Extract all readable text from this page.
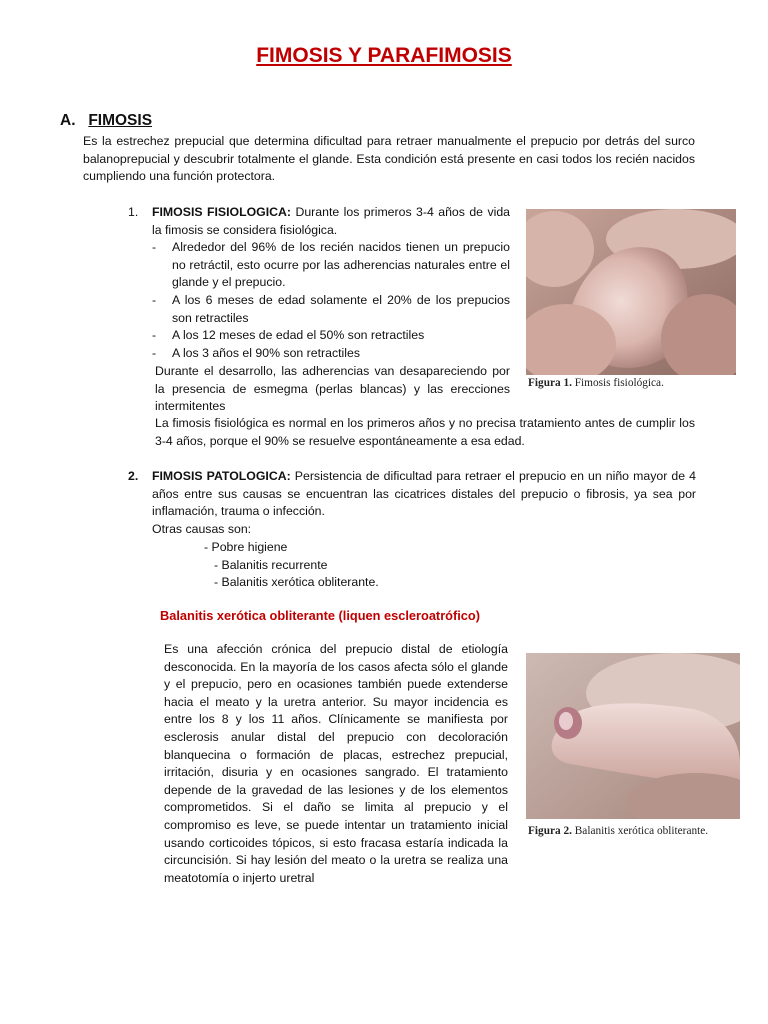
FIMOSIS Y PARAFIMOSIS
A. FIMOSIS
Es la estrechez prepucial que determina dificultad para retraer manualmente el prepucio por detrás del surco balanoprepucial y descubrir totalmente el glande. Esta condición está presente en casi todos los recién nacidos cumpliendo una función protectora.
1.	FIMOSIS FISIOLOGICA: Durante los primeros 3-4 años de vida la fimosis se considera fisiológica.
-	Alrededor del 96% de los recién nacidos tienen un prepucio no retráctil, esto ocurre por las adherencias naturales entre el glande y el prepucio.
-	A los 6 meses de edad solamente el 20% de los prepucios son retractiles
-	A los 12 meses de edad el 50% son retractiles
-	A los 3 años el 90% son retractiles
Durante el desarrollo, las adherencias van desapareciendo por la presencia de esmegma (perlas blancas) y las erecciones intermitentes
La fimosis fisiológica es normal en los primeros años y no precisa tratamiento antes de cumplir los 3-4 años, porque el 90% se resuelve espontáneamente a esa edad.
Figura 1. Fimosis fisiológica.
2.	FIMOSIS PATOLOGICA: Persistencia de dificultad para retraer el prepucio en un niño mayor de 4 años entre sus causas se encuentran las cicatrices distales del prepucio o fibrosis, ya sea por inflamación, trauma o infección.
Otras causas son:
- Pobre higiene
- Balanitis recurrente
- Balanitis xerótica obliterante.
Balanitis xerótica obliterante (liquen escleroatrófico)
Es una afección crónica del prepucio distal de etiología desconocida. En la mayoría de los casos afecta sólo el glande y el prepucio, pero en ocasiones también puede extenderse hacia el meato y la uretra anterior. Su mayor incidencia es entre los 8 y los 11 años. Clínicamente se manifiesta por esclerosis anular distal del prepucio con decoloración blanquecina o formación de placas, estrechez prepucial, irritación, disuria y en ocasiones sangrado. El tratamiento depende de la gravedad de las lesiones y de los elementos comprometidos. Si el daño se limita al prepucio y el compromiso es leve, se puede intentar un tratamiento inicial usando corticoides tópicos, si esto fracasa estaría indicada la circuncisión. Si hay lesión del meato o la uretra se realiza una meatotomía o injerto uretral
Figura 2. Balanitis xerótica obliterante.
